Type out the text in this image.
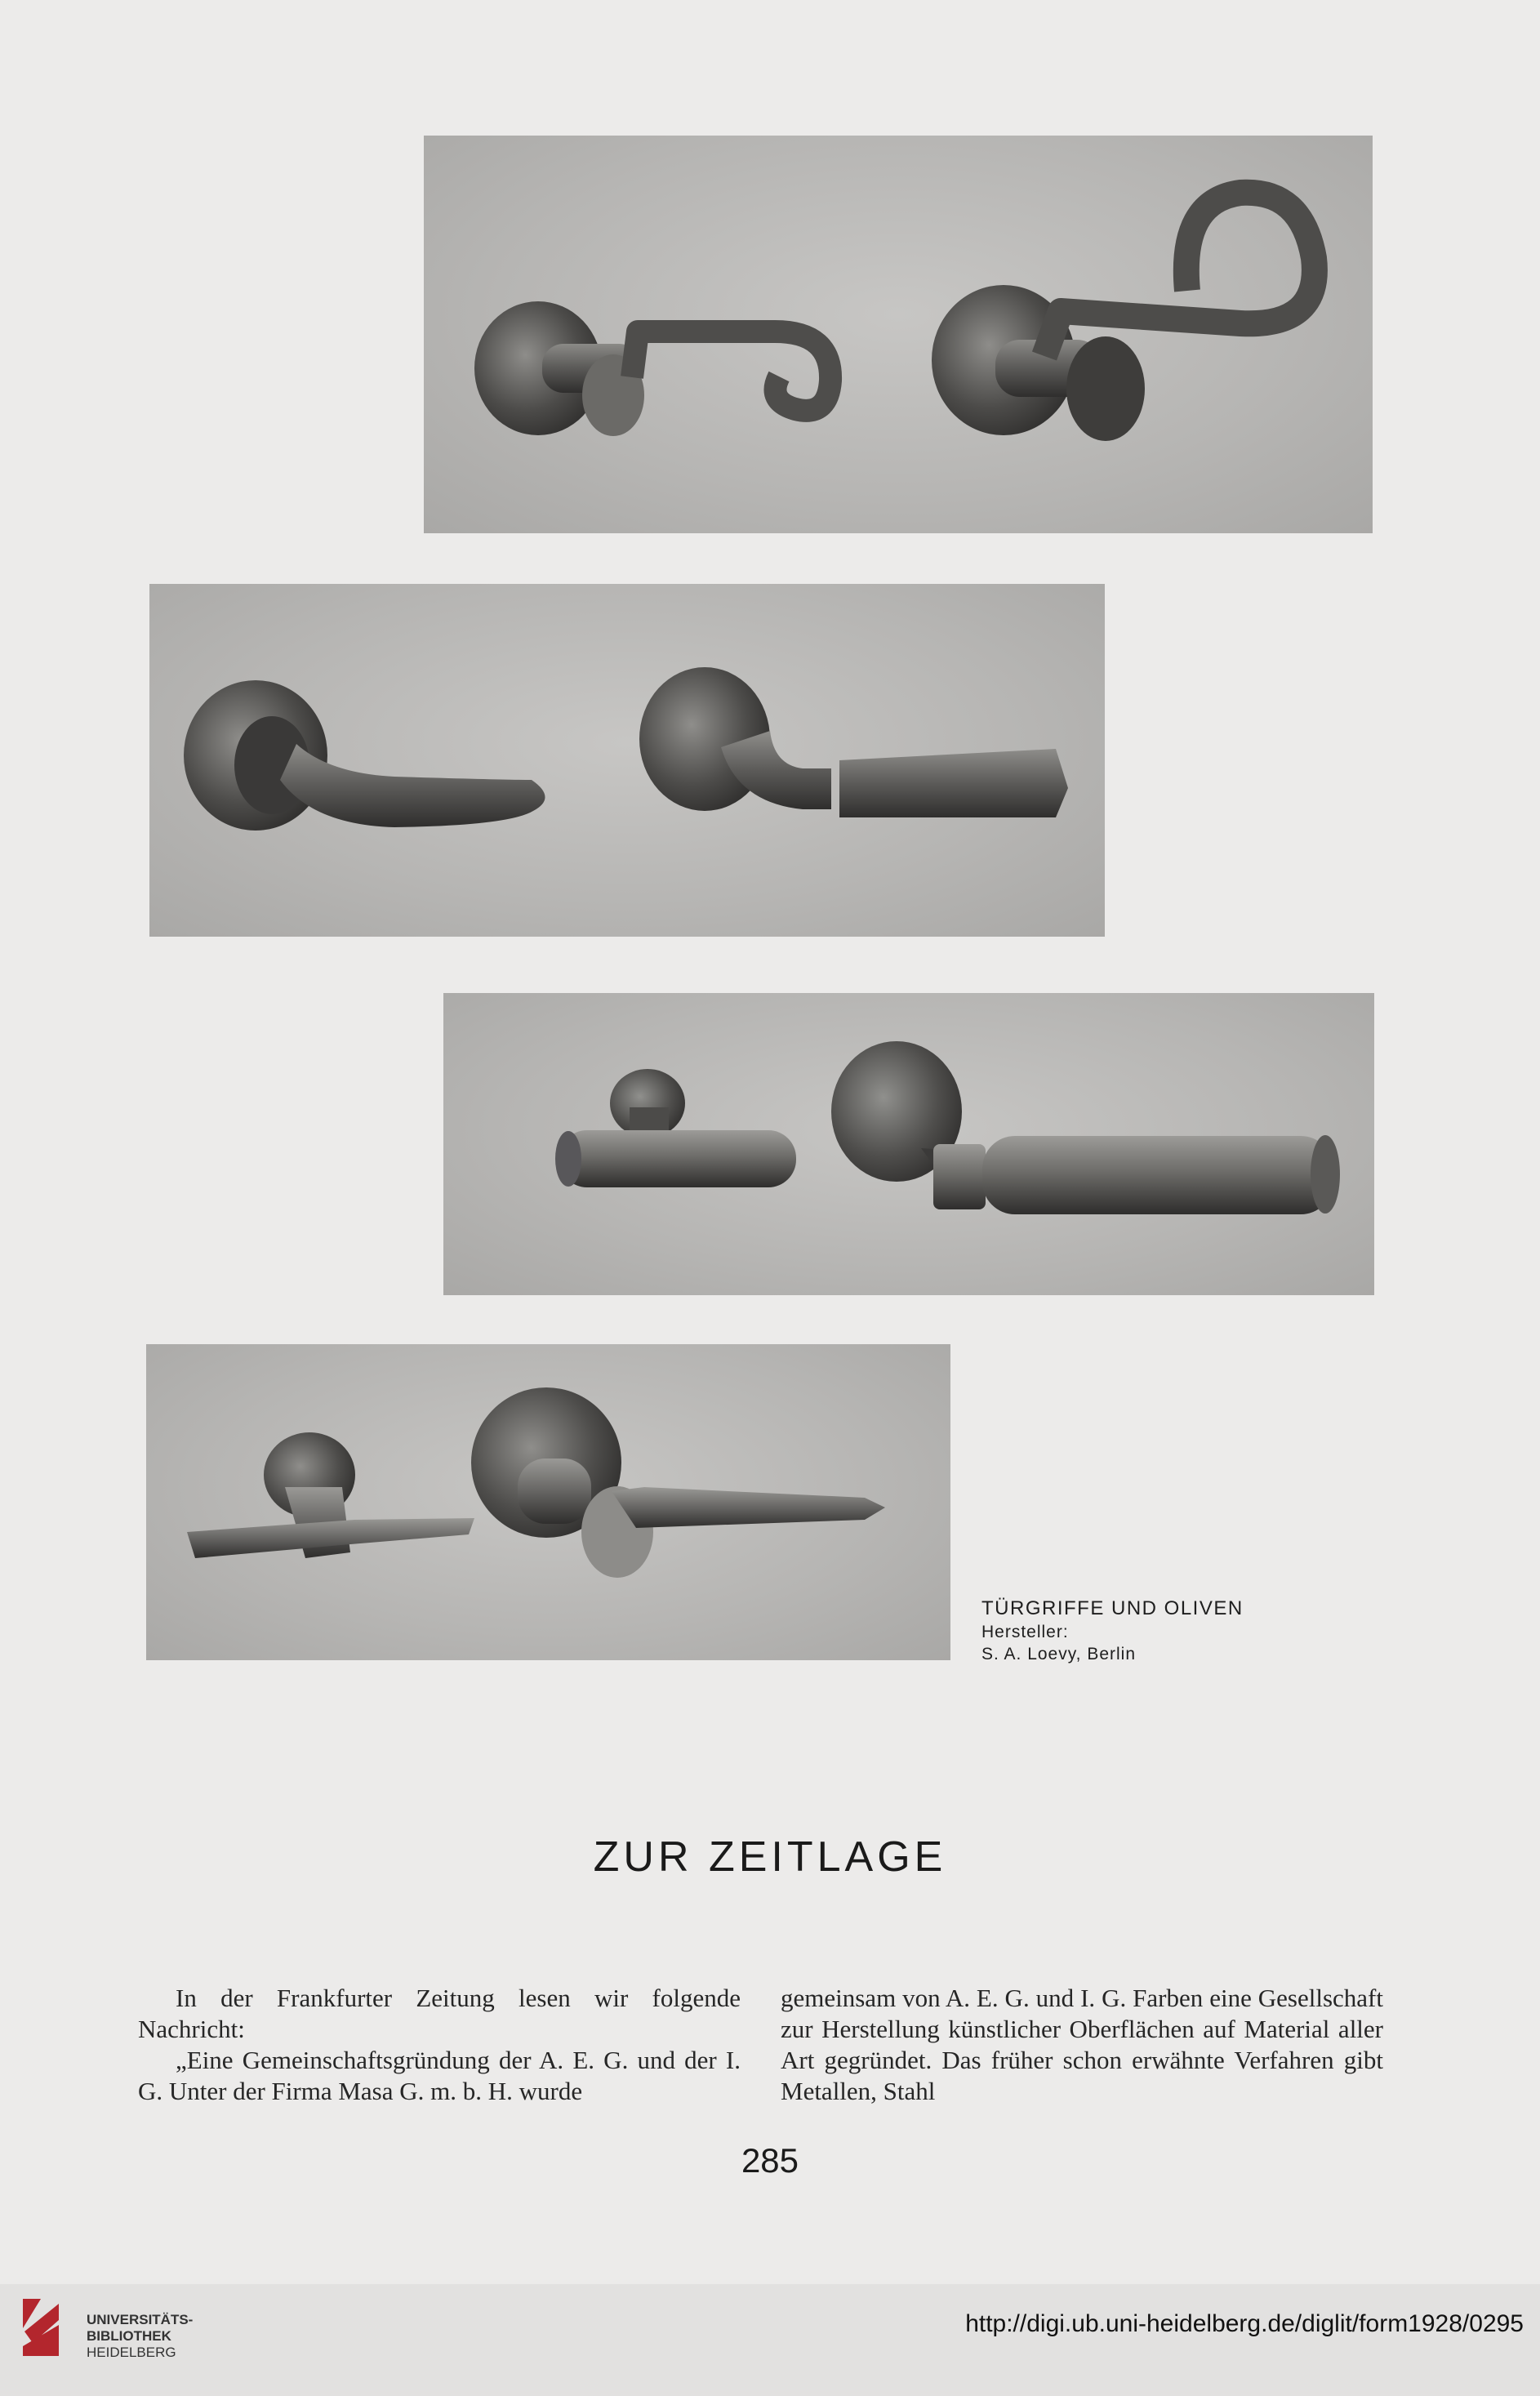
TÜRGRIFFE UND OLIVEN
Hersteller:
S. A. Loevy, Berlin
ZUR ZEITLAGE

In der Frankfurter Zeitung lesen wir folgende Nachricht:

„Eine Gemeinschaftsgründung der A. E. G. und der I. G. Unter der Firma Masa G. m. b. H. wurde

gemeinsam von A. E. G. und I. G. Farben eine Gesellschaft zur Herstellung künstlicher Oberflächen auf Material aller Art gegründet. Das früher schon erwähnte Verfahren gibt Metallen, Stahl

285
UNIVERSITÄTS-
BIBLIOTHEK
HEIDELBERG
http://digi.ub.uni-heidelberg.de/diglit/form1928/0295
